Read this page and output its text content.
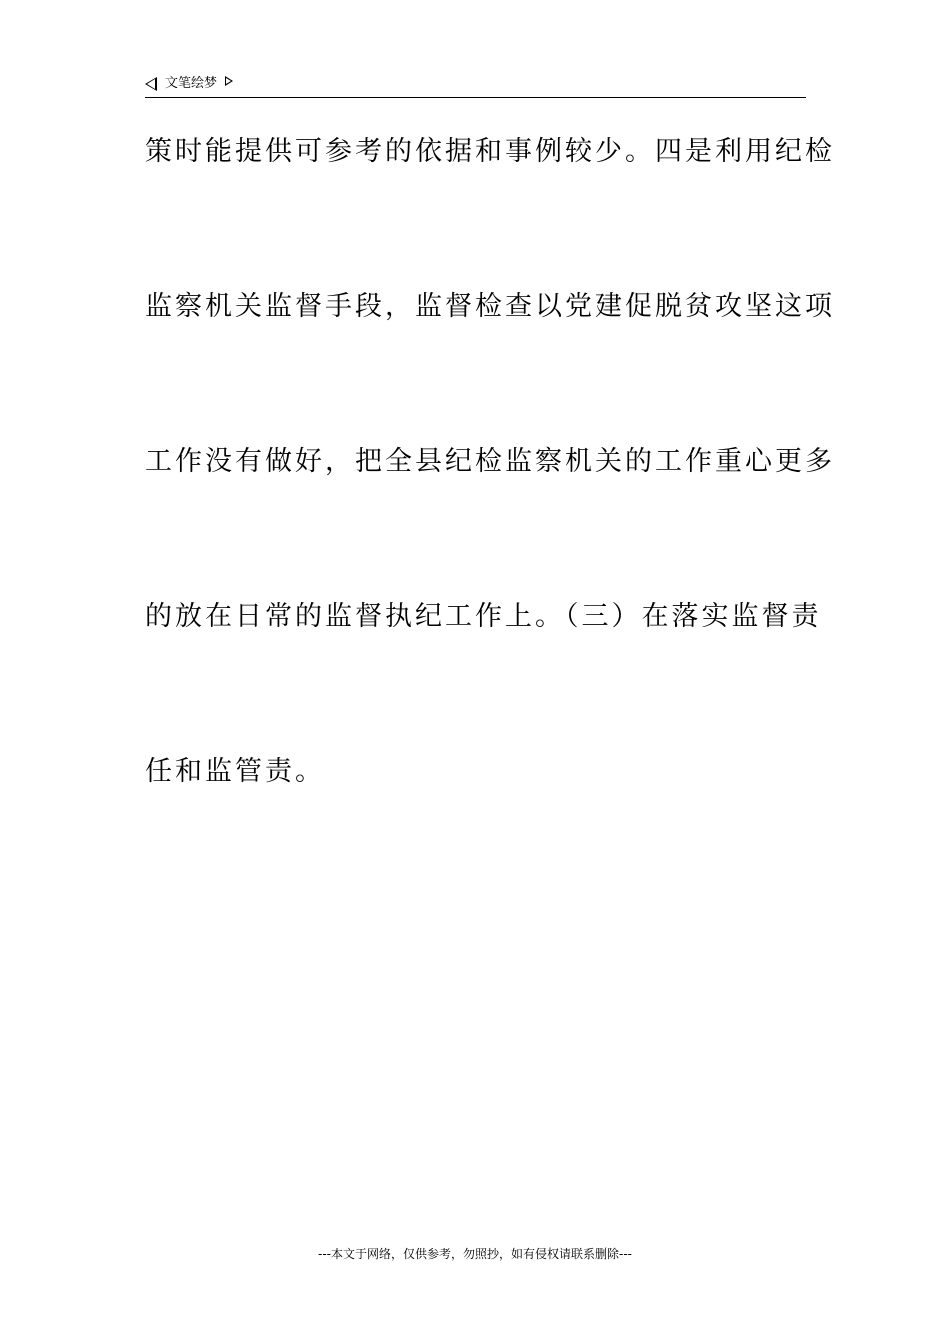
文笔绘梦
策时能提供可参考的依据和事例较少。四是利用纪检
监察机关监督手段，监督检查以党建促脱贫攻坚这项
工作没有做好，把全县纪检监察机关的工作重心更多
的放在日常的监督执纪工作上。（三）在落实监督责
任和监管责。
---本文于网络，仅供参考，勿照抄，如有侵权请联系删除---
